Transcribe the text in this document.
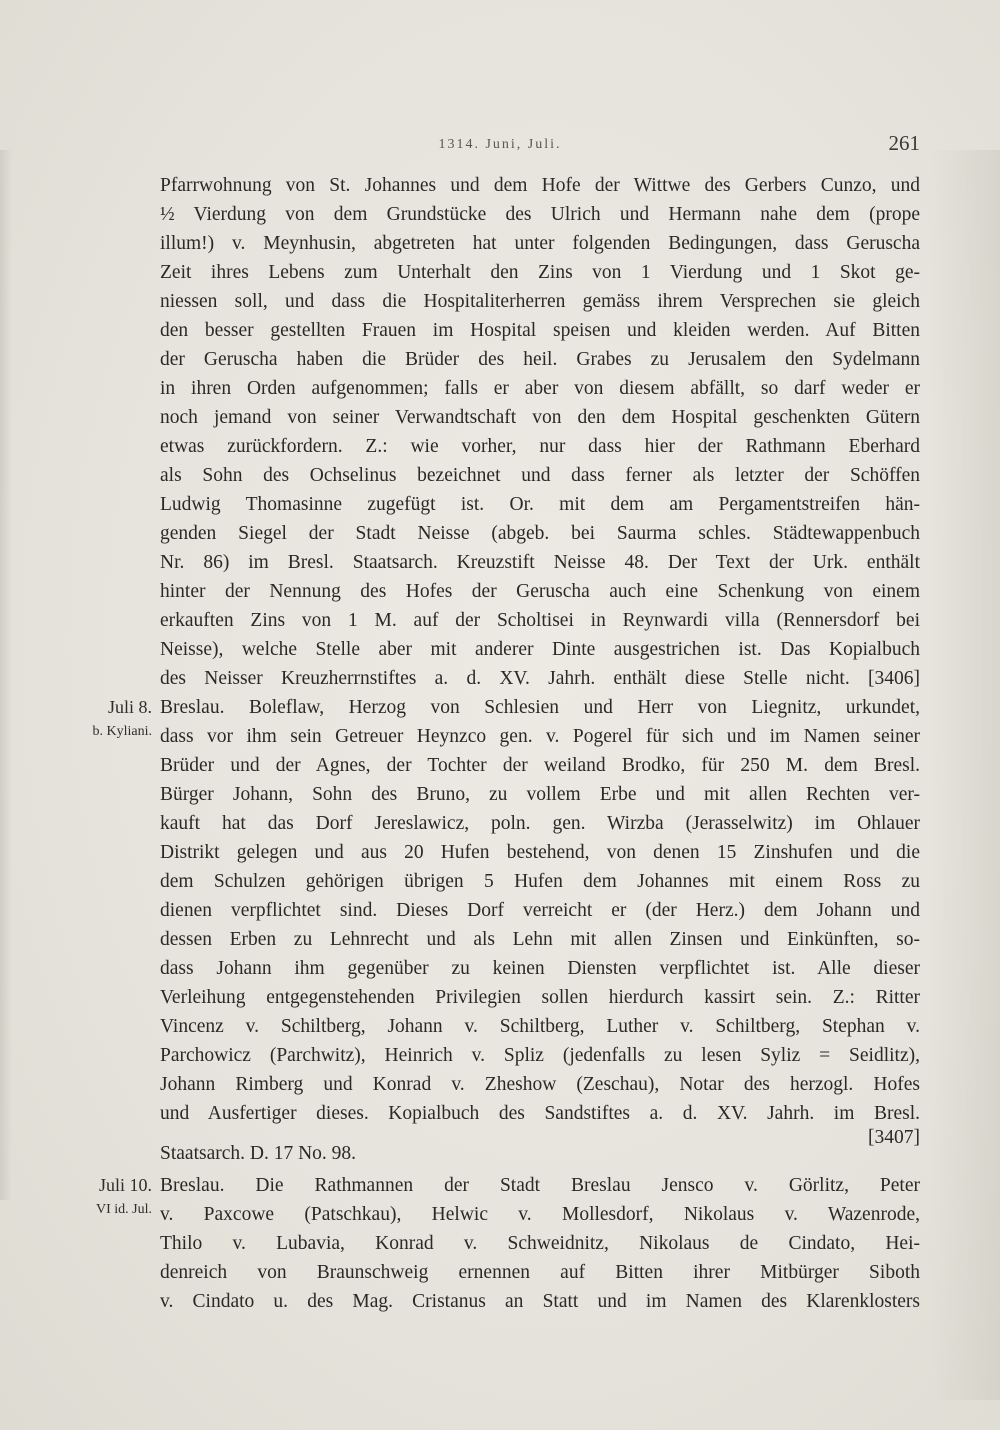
1314. Juni, Juli.	261
Pfarrwohnung von St. Johannes und dem Hofe der Wittwe des Gerbers Cunzo, und
½ Vierdung von dem Grundstücke des Ulrich und Hermann nahe dem (prope
illum!) v. Meynhusin, abgetreten hat unter folgenden Bedingungen, dass Geruscha
Zeit ihres Lebens zum Unterhalt den Zins von 1 Vierdung und 1 Skot ge-
niessen soll, und dass die Hospitaliterherren gemäss ihrem Versprechen sie gleich
den besser gestellten Frauen im Hospital speisen und kleiden werden. Auf Bitten
der Geruscha haben die Brüder des heil. Grabes zu Jerusalem den Sydelmann
in ihren Orden aufgenommen; falls er aber von diesem abfällt, so darf weder er
noch jemand von seiner Verwandtschaft von den dem Hospital geschenkten Gütern
etwas zurückfordern. Z.: wie vorher, nur dass hier der Rathmann Eberhard
als Sohn des Ochselinus bezeichnet und dass ferner als letzter der Schöffen
Ludwig Thomasinne zugefügt ist. Or. mit dem am Pergamentstreifen hän-
genden Siegel der Stadt Neisse (abgeb. bei Saurma schles. Städtewappenbuch
Nr. 86) im Bresl. Staatsarch. Kreuzstift Neisse 48. Der Text der Urk. enthält
hinter der Nennung des Hofes der Geruscha auch eine Schenkung von einem
erkauften Zins von 1 M. auf der Scholtisei in Reynwardi villa (Rennersdorf bei
Neisse), welche Stelle aber mit anderer Dinte ausgestrichen ist. Das Kopialbuch
des Neisser Kreuzherrnstiftes a. d. XV. Jahrh. enthält diese Stelle nicht. [3406]
Breslau. Boleflaw, Herzog von Schlesien und Herr von Liegnitz, urkundet,
dass vor ihm sein Getreuer Heynzco gen. v. Pogerel für sich und im Namen seiner
Brüder und der Agnes, der Tochter der weiland Brodko, für 250 M. dem Bresl.
Bürger Johann, Sohn des Bruno, zu vollem Erbe und mit allen Rechten ver-
kauft hat das Dorf Jereslawicz, poln. gen. Wirzba (Jerasselwitz) im Ohlauer
Distrikt gelegen und aus 20 Hufen bestehend, von denen 15 Zinshufen und die
dem Schulzen gehörigen übrigen 5 Hufen dem Johannes mit einem Ross zu
dienen verpflichtet sind. Dieses Dorf verreicht er (der Herz.) dem Johann und
dessen Erben zu Lehnrecht und als Lehn mit allen Zinsen und Einkünften, so-
dass Johann ihm gegenüber zu keinen Diensten verpflichtet ist. Alle dieser
Verleihung entgegenstehenden Privilegien sollen hierdurch kassirt sein. Z.: Ritter
Vincenz v. Schiltberg, Johann v. Schiltberg, Luther v. Schiltberg, Stephan v.
Parchowicz (Parchwitz), Heinrich v. Spliz (jedenfalls zu lesen Syliz = Seidlitz),
Johann Rimberg und Konrad v. Zheshow (Zeschau), Notar des herzogl. Hofes
und Ausfertiger dieses. Kopialbuch des Sandstiftes a. d. XV. Jahrh. im Bresl.
Staatsarch. D. 17 No. 98.
Breslau. Die Rathmannen der Stadt Breslau Jensco v. Görlitz, Peter
v. Paxcowe (Patschkau), Helwic v. Mollesdorf, Nikolaus v. Wazenrode,
Thilo v. Lubavia, Konrad v. Schweidnitz, Nikolaus de Cindato, Hei-
denreich von Braunschweig ernennen auf Bitten ihrer Mitbürger Siboth
v. Cindato u. des Mag. Cristanus an Statt und im Namen des Klarenklosters
[3407]
Juli 8.
b. Kyliani.
Juli 10.
VI id. Jul.
